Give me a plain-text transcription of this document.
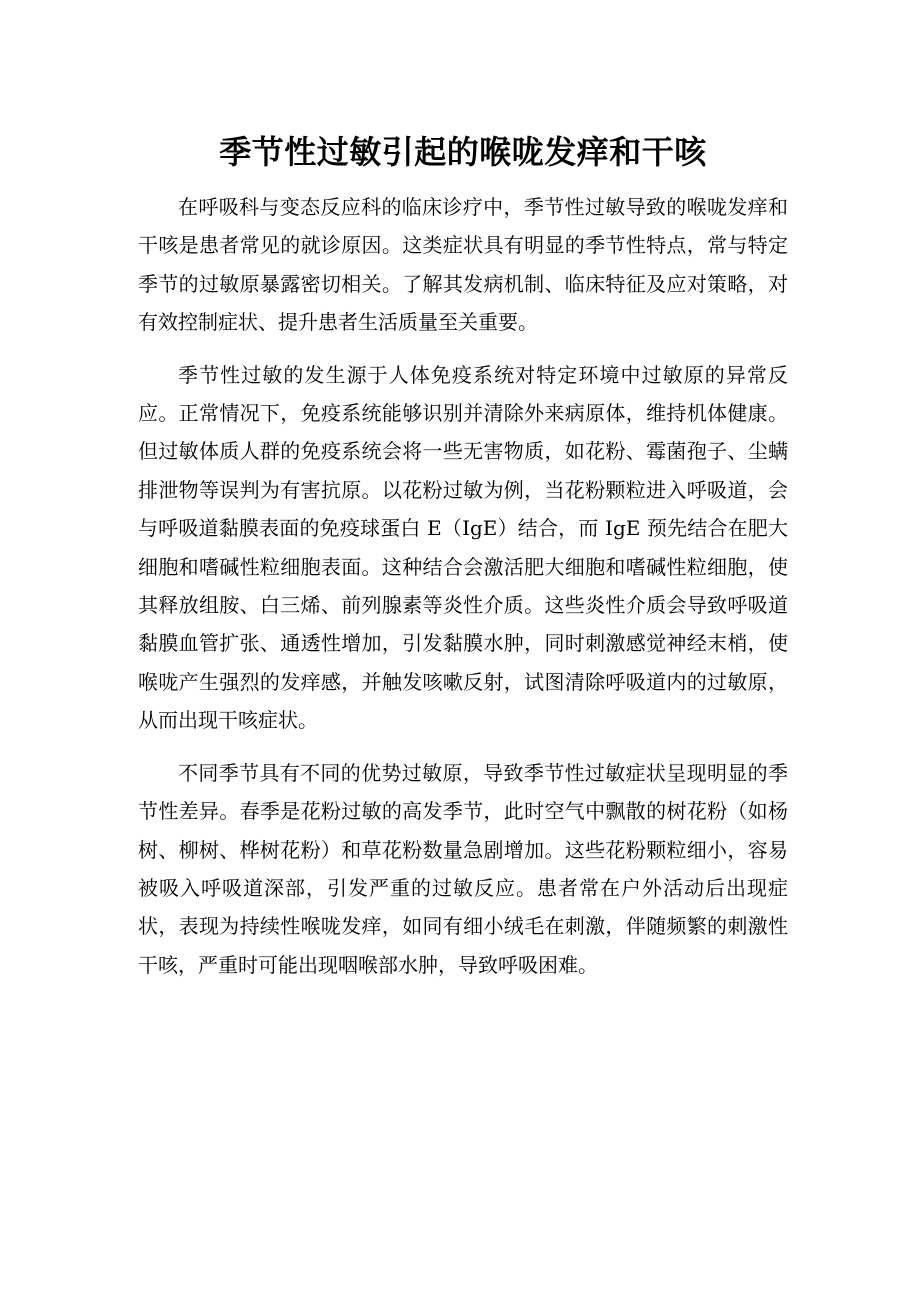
季节性过敏引起的喉咙发痒和干咳

在呼吸科与变态反应科的临床诊疗中，季节性过敏导致的喉咙发痒和干咳是患者常见的就诊原因。这类症状具有明显的季节性特点，常与特定季节的过敏原暴露密切相关。了解其发病机制、临床特征及应对策略，对有效控制症状、提升患者生活质量至关重要。

季节性过敏的发生源于人体免疫系统对特定环境中过敏原的异常反应。正常情况下，免疫系统能够识别并清除外来病原体，维持机体健康。但过敏体质人群的免疫系统会将一些无害物质，如花粉、霉菌孢子、尘螨排泄物等误判为有害抗原。以花粉过敏为例，当花粉颗粒进入呼吸道，会与呼吸道黏膜表面的免疫球蛋白 E（IgE）结合，而 IgE 预先结合在肥大细胞和嗜碱性粒细胞表面。这种结合会激活肥大细胞和嗜碱性粒细胞，使其释放组胺、白三烯、前列腺素等炎性介质。这些炎性介质会导致呼吸道黏膜血管扩张、通透性增加，引发黏膜水肿，同时刺激感觉神经末梢，使喉咙产生强烈的发痒感，并触发咳嗽反射，试图清除呼吸道内的过敏原，从而出现干咳症状。

不同季节具有不同的优势过敏原，导致季节性过敏症状呈现明显的季节性差异。春季是花粉过敏的高发季节，此时空气中飘散的树花粉（如杨树、柳树、桦树花粉）和草花粉数量急剧增加。这些花粉颗粒细小，容易被吸入呼吸道深部，引发严重的过敏反应。患者常在户外活动后出现症状，表现为持续性喉咙发痒，如同有细小绒毛在刺激，伴随频繁的刺激性干咳，严重时可能出现咽喉部水肿，导致呼吸困难。
